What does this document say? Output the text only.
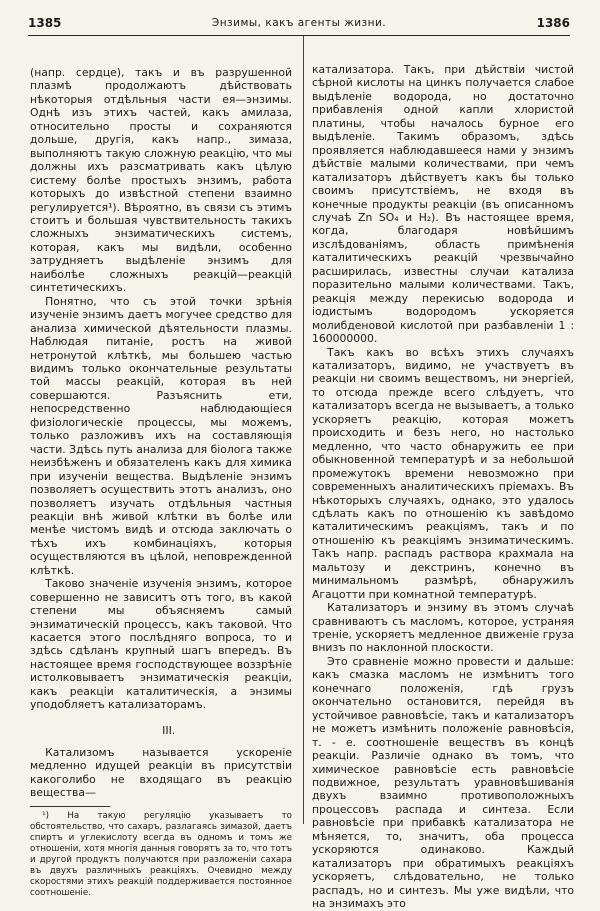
1385	Энзимы, какъ агенты жизни.	1386

(напр. сердце), такъ и въ разрушенной плазмѣ продолжаютъ дѣйствовать нѣкоторыя отдѣльныя части ея—энзимы. Однѣ изъ этихъ частей, какъ амилаза, относительно просты и сохраняются дольше, другія, какъ напр., зимаза, выполняютъ такую сложную реакцію, что мы должны ихъ разсматривать какъ цѣлую систему болѣе простыхъ энзимъ, работа которыхъ до извѣстной степени взаимно регулируется¹). Вѣроятно, въ связи съ этимъ стоитъ и большая чувствительность такихъ сложныхъ энзиматическихъ системъ, которая, какъ мы видѣли, особенно затрудняетъ выдѣленіе энзимъ для наиболѣе сложныхъ реакцій—реакцій синтетическихъ.

Понятно, что съ этой точки зрѣнія изученіе энзимъ даетъ могучее средство для анализа химической дѣятельности плазмы. Наблюдая питаніе, ростъ на живой нетронутой клѣткѣ, мы большею частью видимъ только окончательные результаты той массы реакцій, которая въ ней совершаются. Разъяснить ети, непосредственно наблюдающіеся физіологическіе процессы, мы можемъ, только разложивъ ихъ на составляющія части. Здѣсь путь анализа для біолога также неизбѣженъ и обязателенъ какъ для химика при изученіи вещества. Выдѣленіе энзимъ позволяетъ осуществить этотъ анализъ, оно позволяетъ изучать отдѣльныя частныя реакціи внѣ живой клѣтки въ болѣе или менѣе чистомъ видѣ и отсюда заключать о тѣхъ ихъ комбинаціяхъ, которыя осуществляются въ цѣлой, неповрежденной клѣткѣ.

Таково значеніе изученія энзимъ, которое совершенно не зависитъ отъ того, въ какой степени мы объясняемъ самый энзиматическій процессъ, какъ таковой. Что касается этого послѣдняго вопроса, то и здѣсь сдѣланъ крупный шагъ впередъ. Въ настоящее время господствующее воззрѣніе истолковываетъ энзиматическія реакціи, какъ реакціи каталитическія, а энзимы уподобляетъ катализаторамъ.

III.

Катализомъ называется ускореніе медленно идущей реакціи въ присутствіи какоголибо не входящаго въ реакцію вещества—

¹) На такую регуляцію указываетъ то обстоятельство, что сахаръ, разлагаясь зимазой, даетъ спиртъ и углекислоту всегда въ одномъ и томъ же отношеніи, хотя многія данныя говорятъ за то, что тотъ и другой продуктъ получаются при разложеніи сахара въ двухъ различныхъ реакціяхъ. Очевидно между скоростями этихъ реакцій поддерживается постоянное соотношеніе.

катализатора. Такъ, при дѣйствіи чистой сѣрной кислоты на цинкъ получается слабое выдѣленіе водорода, но достаточно прибавленія одной капли хлористой платины, чтобы началось бурное его выдѣленіе. Такимъ образомъ, здѣсь проявляется наблюдавшееся нами у энзимъ дѣйствіе малыми количествами, при чемъ катализаторъ дѣйствуетъ какъ бы только своимъ присутствіемъ, не входя въ конечные продукты реакціи (въ описанномъ случаѣ Zn SO₄ и H₂). Въ настоящее время, когда, благодаря новѣйшимъ изслѣдованіямъ, область примѣненія каталитическихъ реакцій чрезвычайно расширилась, известны случаи катализа поразительно малыми количествами. Такъ, реакція между перекисью водорода и іодистымъ водородомъ ускоряется молибденовой кислотой при разбавленіи 1 : 160000000.

Такъ какъ во всѣхъ этихъ случаяхъ катализаторъ, видимо, не участвуетъ въ реакціи ни своимъ веществомъ, ни энергіей, то отсюда прежде всего слѣдуетъ, что катализаторъ всегда не вызываетъ, а только ускоряетъ реакцію, которая можетъ происходить и безъ него, но настолько медленно, что часто обнаружить ее при обыкновенной температурѣ и за небольшой промежутокъ времени невозможно при современныхъ аналитическихъ пріемахъ. Въ нѣкоторыхъ случаяхъ, однако, это удалось сдѣлать какъ по отношенію къ завѣдомо каталитическимъ реакціямъ, такъ и по отношенію къ реакціямъ энзиматическимъ. Такъ напр. распадъ раствора крахмала на мальтозу и декстринъ, конечно въ минимальномъ размѣрѣ, обнаружилъ Агацотти при комнатной температурѣ.

Катализаторъ и энзиму въ этомъ случаѣ сравниваютъ съ масломъ, которое, устраняя треніе, ускоряетъ медленное движеніе груза внизъ по наклонной плоскости.

Это сравненіе можно провести и дальше: какъ смазка масломъ не измѣнитъ того конечнаго положенія, гдѣ грузъ окончательно остановится, перейдя въ устойчивое равновѣсіе, такъ и катализаторъ не можетъ измѣнить положеніе равновѣсія, т. - е. соотношеніе веществъ въ концѣ реакціи. Различіе однако въ томъ, что химическое равновѣсіе есть равновѣсіе подвижное, результатъ уравновѣшиванія двухъ взаимно противоположныхъ процессовъ распада и синтеза. Если равновѣсіе при прибавкѣ катализатора не мѣняется, то, значитъ, оба процесса ускоряются одинаково. Каждый катализаторъ при обратимыхъ реакціяхъ ускоряетъ, слѣдовательно, не только распадъ, но и синтезъ. Мы уже видѣли, что на энзимахъ это
